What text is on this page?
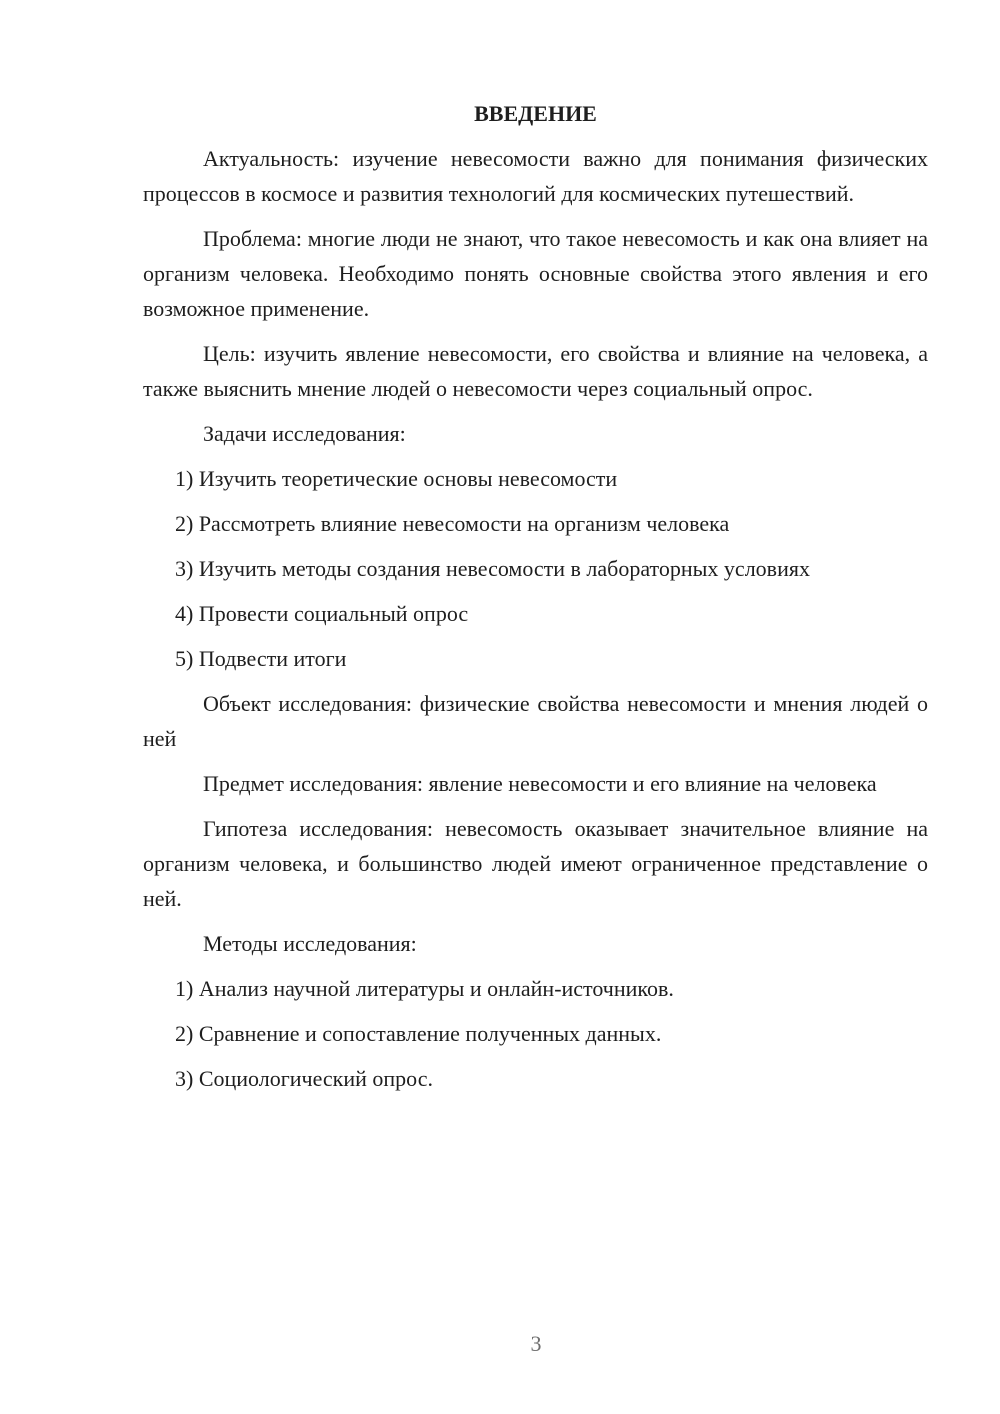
ВВЕДЕНИЕ

Актуальность: изучение невесомости важно для понимания физических процессов в космосе и развития технологий для космических путешествий.

Проблема: многие люди не знают, что такое невесомость и как она влияет на организм человека. Необходимо понять основные свойства этого явления и его возможное применение.

Цель: изучить явление невесомости, его свойства и влияние на человека, а также выяснить мнение людей о невесомости через социальный опрос.

Задачи исследования:

1) Изучить теоретические основы невесомости
2) Рассмотреть влияние невесомости на организм человека
3) Изучить методы создания невесомости в лабораторных условиях
4) Провести социальный опрос
5) Подвести итоги

Объект исследования: физические свойства невесомости и мнения людей о ней

Предмет исследования: явление невесомости и его влияние на человека

Гипотеза исследования: невесомость оказывает значительное влияние на организм человека, и большинство людей имеют ограниченное представление о ней.

Методы исследования:

1) Анализ научной литературы и онлайн-источников.
2) Сравнение и сопоставление полученных данных.
3) Социологический опрос.
3
